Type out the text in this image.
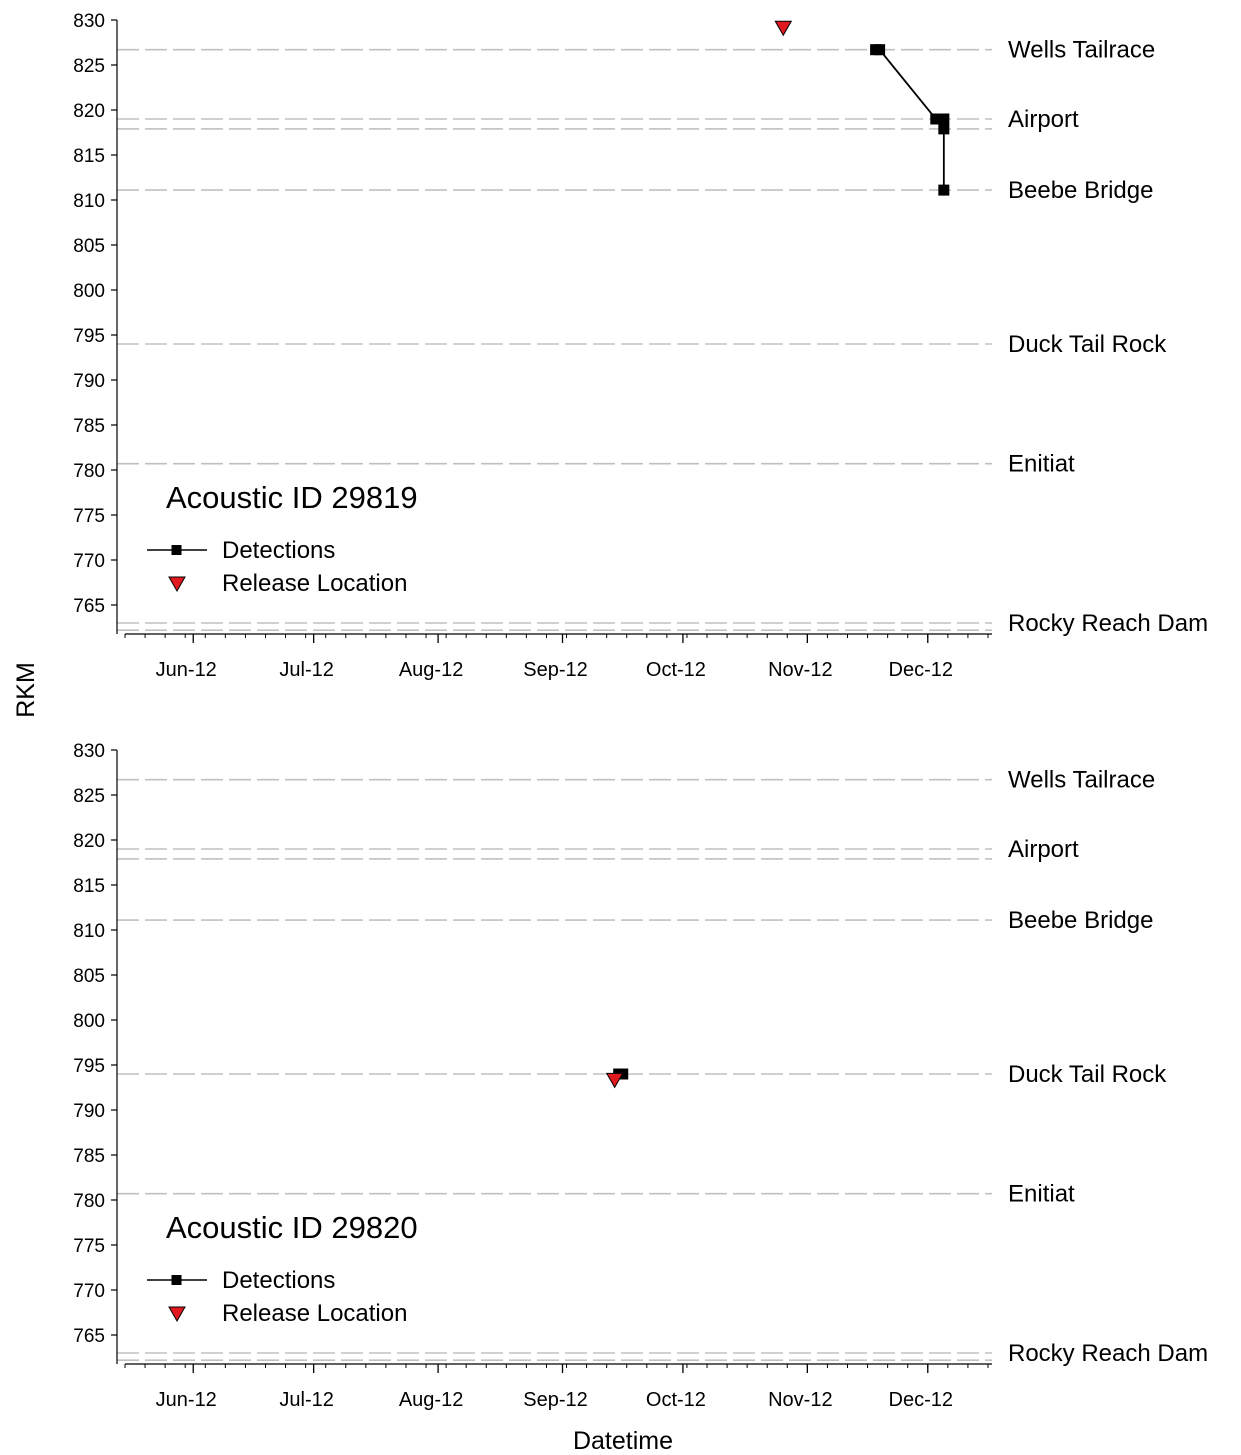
RKM
Datetime
Wells Tailrace
Airport
Beebe Bridge
Duck Tail Rock
Enitiat
Rocky Reach Dam
830
825
820
815
810
805
800
795
790
785
780
775
770
765
Jun-12	Jul-12	Aug-12	Sep-12	Oct-12	Nov-12	Dec-12
Acoustic ID 29819
Detections
Release Location
Wells Tailrace
Airport
Beebe Bridge
Duck Tail Rock
Enitiat
Rocky Reach Dam
830
825
820
815
810
805
800
795
790
785
780
775
770
765
Jun-12	Jul-12	Aug-12	Sep-12	Oct-12	Nov-12	Dec-12
Acoustic ID 29820
Detections
Release Location
